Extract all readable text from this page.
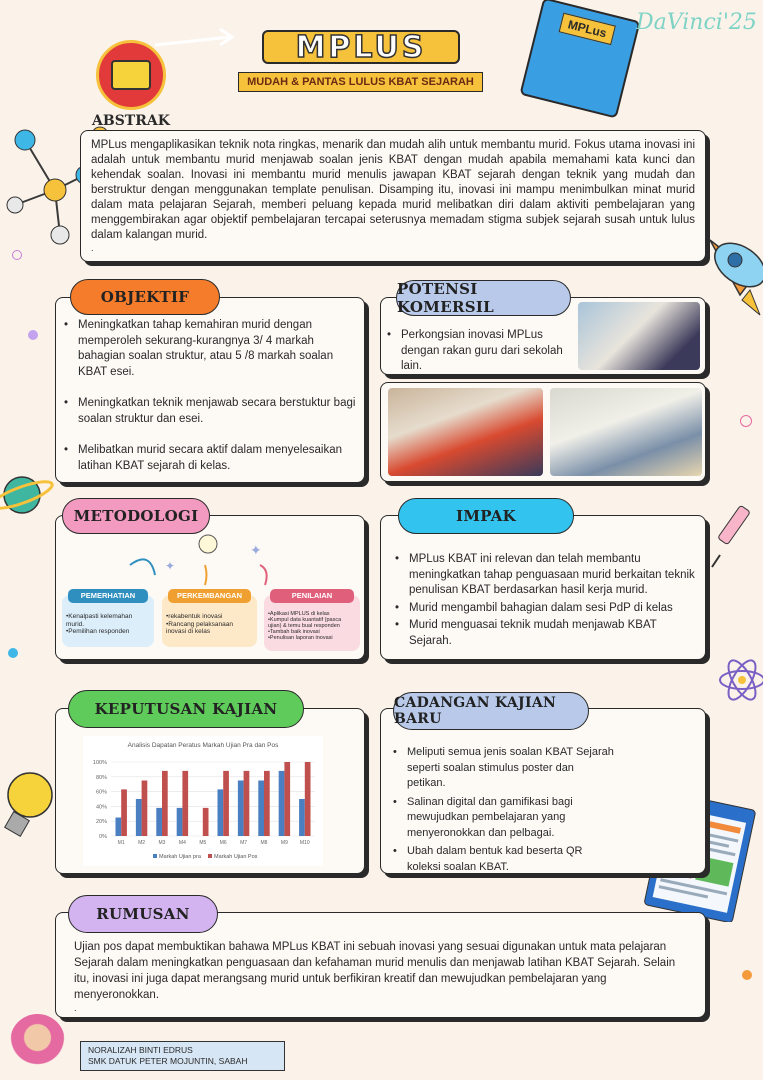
MPLUS
MUDAH & PANTAS LULUS KBAT SEJARAH
MPLus	DaVinci'25
ABSTRAK

MPLus mengaplikasikan teknik nota ringkas, menarik dan mudah alih untuk membantu murid. Fokus utama inovasi ini adalah untuk membantu murid menjawab soalan jenis KBAT dengan mudah apabila memahami kata kunci dan kehendak soalan. Inovasi ini membantu murid menulis jawapan KBAT sejarah dengan teknik yang mudah dan berstruktur dengan menggunakan template penulisan. Disamping itu, inovasi ini mampu menimbulkan minat murid dalam mata pelajaran Sejarah, memberi peluang kepada murid melibatkan diri dalam aktiviti pembelajaran yang menggembirakan agar objektif pembelajaran tercapai seterusnya memadam stigma subjek sejarah susah untuk lulus dalam kalangan murid.

.

• Meningkatkan tahap kemahiran murid dengan memperoleh sekurang-kurangnya 3/ 4 markah bahagian soalan struktur, atau 5 /8 markah soalan KBAT esei.
• Meningkatkan teknik menjawab secara berstuktur bagi soalan struktur dan esei.
• Melibatkan murid secara aktif dalam menyelesaikan latihan KBAT sejarah di kelas.
OBJEKTIF
• Perkongsian inovasi MPLus dengan rakan guru dari sekolah lain.
POTENSI KOMERSIL
METODOLOGI
✦
✦
PEMERHATIAN
•Kenalpasti kelemahan murid.
•Pemilihan responden
PERKEMBANGAN
•rekabentuk inovasi
•Rancang pelaksanaan inovasi di kelas
PENILAIAN
•Aplikasi MPLUS di kelas
•Kumpul data kuantatif (pasca ujian) & temu bual responden
•Tambah baik inovasi
•Penulisan laporan inovasi
• MPLus KBAT ini relevan dan telah membantu meningkatkan tahap penguasaan murid berkaitan teknik penulisan KBAT berdasarkan hasil kerja murid.
• Murid mengambil bahagian dalam sesi PdP di kelas
• Murid menguasai teknik mudah menjawab KBAT Sejarah.
IMPAK
KEPUTUSAN KAJIAN
Analisis Dapatan Peratus Markah Ujian Pra dan Pos
0%
20%
40%
60%
80%
100%
M1	M2	M3	M4	M5	M6	M7	M8	M9 M10
Markah Ujian pra Markah Ujian Pos
• Meliputi semua jenis soalan KBAT Sejarah seperti soalan stimulus poster dan petikan.
• Salinan digital dan gamifikasi bagi mewujudkan pembelajaran yang menyeronokkan dan pelbagai.
• Ubah dalam bentuk kad beserta QR koleksi soalan KBAT.
CADANGAN KAJIAN BARU

Ujian pos dapat membuktikan bahawa MPLus KBAT ini sebuah inovasi yang sesuai digunakan untuk mata pelajaran Sejarah dalam meningkatkan penguasaan dan kefahaman murid menulis dan menjawab latihan KBAT Sejarah. Selain itu, inovasi ini juga dapat merangsang murid untuk berfikiran kreatif dan mewujudkan pembelajaran yang menyeronokkan.

.

RUMUSAN
NORALIZAH BINTI EDRUS
SMK DATUK PETER MOJUNTIN, SABAH
